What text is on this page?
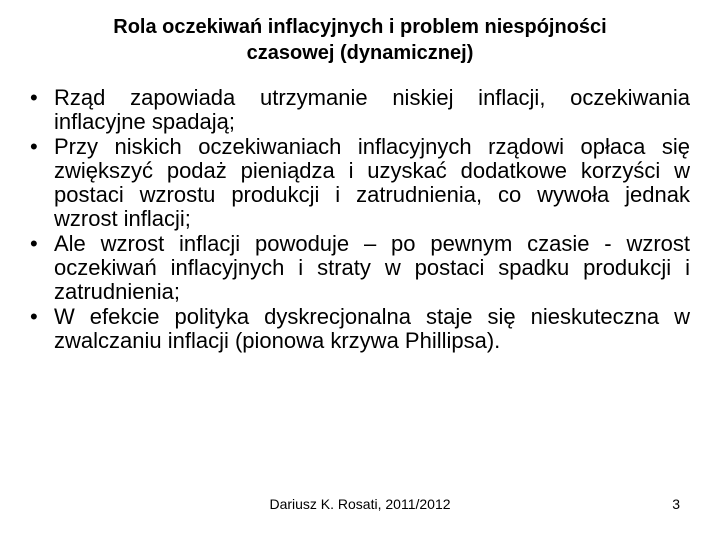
Rola oczekiwań inflacyjnych i problem niespójności
czasowej (dynamicznej)
• Rząd zapowiada utrzymanie niskiej inflacji, oczekiwania inflacyjne spadają;
• Przy niskich oczekiwaniach inflacyjnych rządowi opłaca się zwiększyć podaż pieniądza i uzyskać dodatkowe korzyści w postaci wzrostu produkcji i zatrudnienia, co wywoła jednak wzrost inflacji;
• Ale wzrost inflacji powoduje – po pewnym czasie - wzrost oczekiwań inflacyjnych i straty w postaci spadku produkcji i zatrudnienia;
• W efekcie polityka dyskrecjonalna staje się nieskuteczna w zwalczaniu inflacji (pionowa krzywa Phillipsa).
Dariusz K. Rosati, 2011/2012	3
